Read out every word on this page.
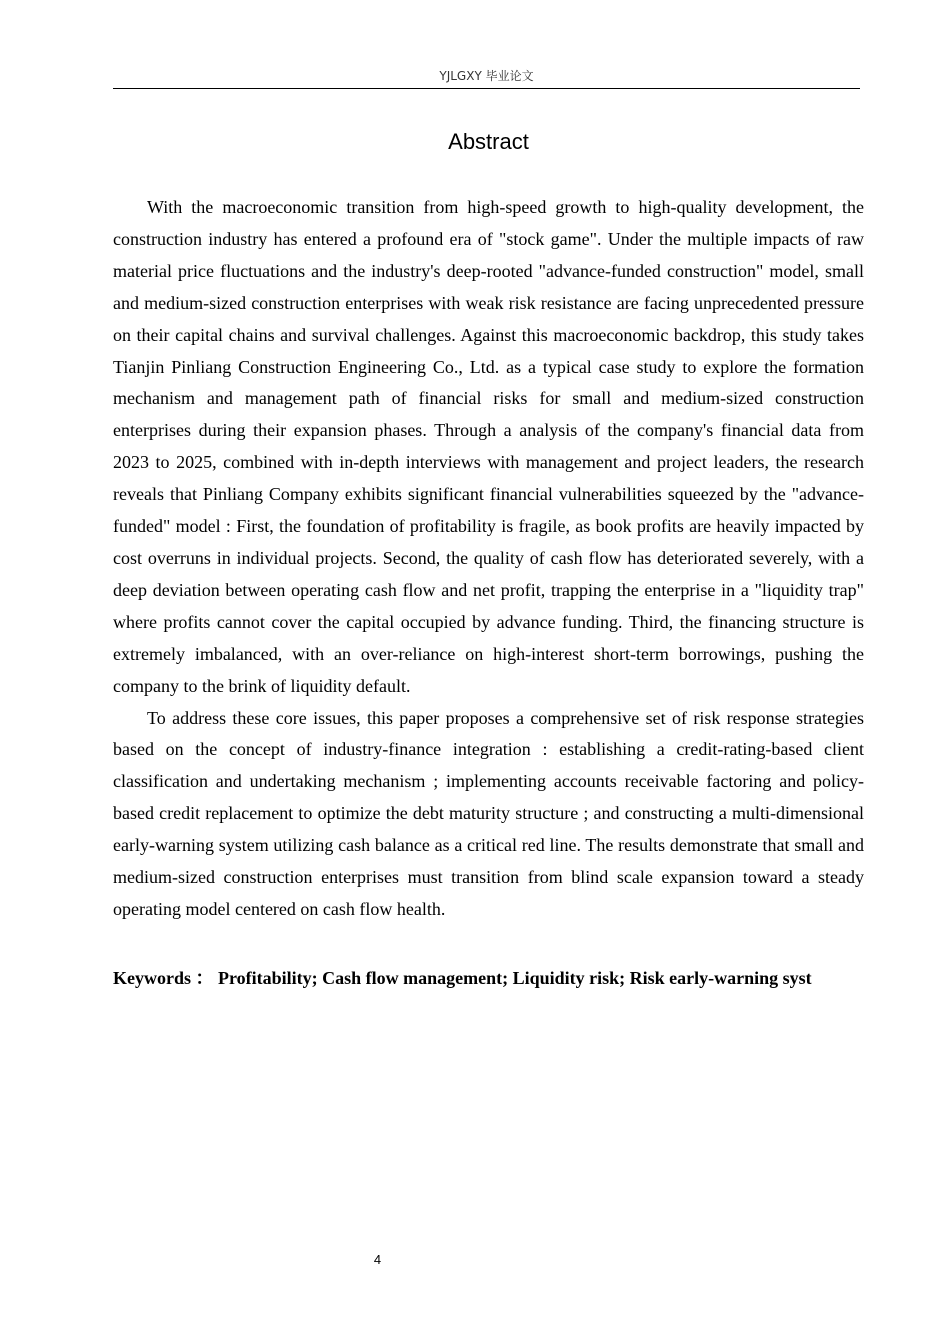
YJLGXY 毕业论文
Abstract

With the macroeconomic transition from high-speed growth to high-quality development, the construction industry has entered a profound era of "stock game". Under the multiple impacts of raw material price fluctuations and the industry's deep-rooted "advance-funded construction" model, small and medium-sized construction enterprises with weak risk resistance are facing unprecedented pressure on their capital chains and survival challenges. Against this macroeconomic backdrop, this study takes Tianjin Pinliang Construction Engineering Co., Ltd. as a typical case study to explore the formation mechanism and management path of financial risks for small and medium-sized construction enterprises during their expansion phases. Through a analysis of the company's financial data from 2023 to 2025, combined with in-depth interviews with management and project leaders, the research reveals that Pinliang Company exhibits significant financial vulnerabilities squeezed by the "advance-funded" model : First, the foundation of profitability is fragile, as book profits are heavily impacted by cost overruns in individual projects. Second, the quality of cash flow has deteriorated severely, with a deep deviation between operating cash flow and net profit, trapping the enterprise in a "liquidity trap" where profits cannot cover the capital occupied by advance funding. Third, the financing structure is extremely imbalanced, with an over-reliance on high-interest short-term borrowings, pushing the company to the brink of liquidity default.

To address these core issues, this paper proposes a comprehensive set of risk response strategies based on the concept of industry-finance integration : establishing a credit-rating-based client classification and undertaking mechanism ; implementing accounts receivable factoring and policy-based credit replacement to optimize the debt maturity structure ; and constructing a multi-dimensional early-warning system utilizing cash balance as a critical red line. The results demonstrate that small and medium-sized construction enterprises must transition from blind scale expansion toward a steady operating model centered on cash flow health.

Keywords ： Profitability; Cash flow management; Liquidity risk; Risk early-warning syst
4
